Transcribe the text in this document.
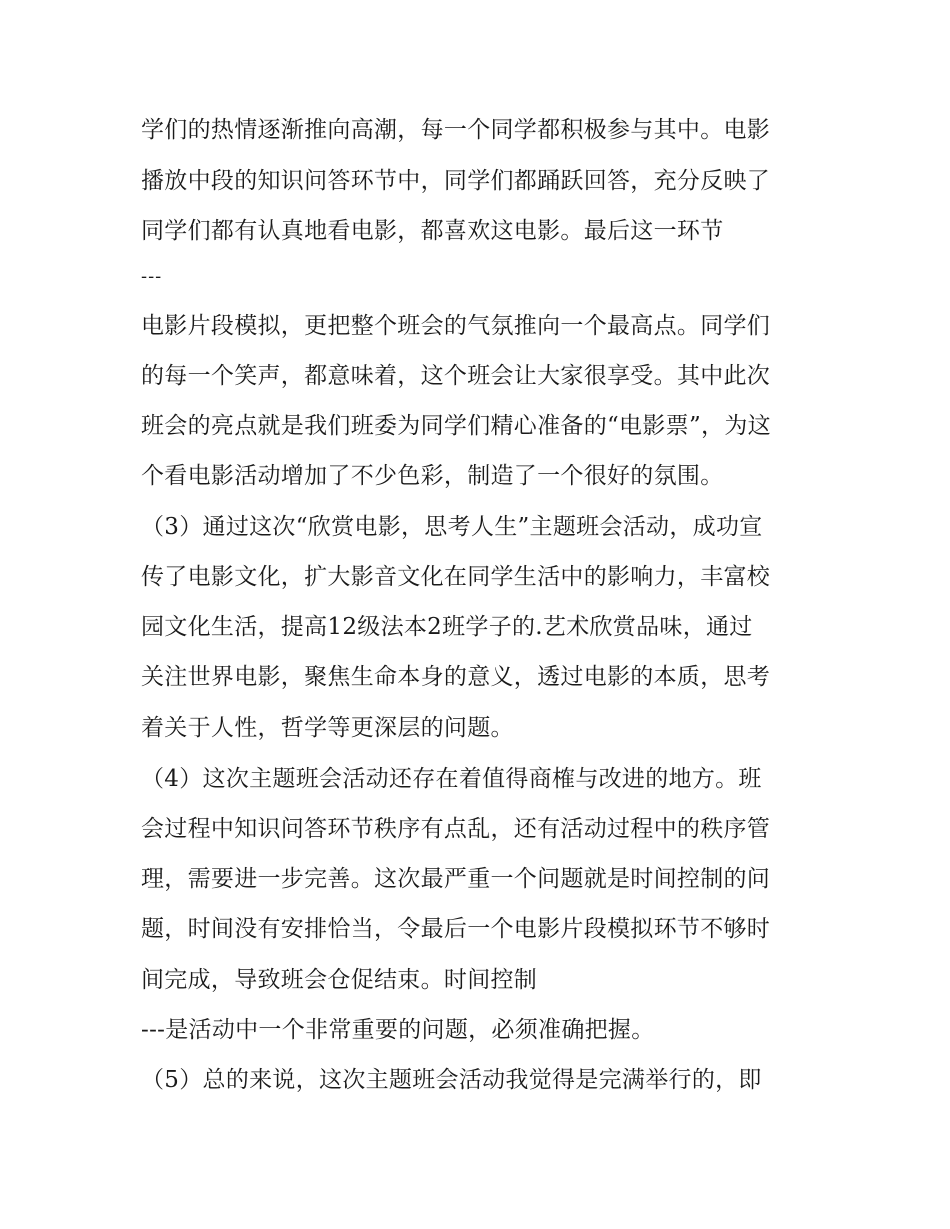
学们的热情逐渐推向高潮，每一个同学都积极参与其中。电影
播放中段的知识问答环节中，同学们都踊跃回答，充分反映了
同学们都有认真地看电影，都喜欢这电影。最后这一环节
---
电影片段模拟，更把整个班会的气氛推向一个最高点。同学们
的每一个笑声，都意味着，这个班会让大家很享受。其中此次
班会的亮点就是我们班委为同学们精心准备的“电影票”，为这
个看电影活动增加了不少色彩，制造了一个很好的氛围。
（3）通过这次“欣赏电影，思考人生”主题班会活动，成功宣
传了电影文化，扩大影音文化在同学生活中的影响力，丰富校
园文化生活，提高12级法本2班学子的.艺术欣赏品味，通过
关注世界电影，聚焦生命本身的意义，透过电影的本质，思考
着关于人性，哲学等更深层的问题。
（4）这次主题班会活动还存在着值得商榷与改进的地方。班
会过程中知识问答环节秩序有点乱，还有活动过程中的秩序管
理，需要进一步完善。这次最严重一个问题就是时间控制的问
题，时间没有安排恰当，令最后一个电影片段模拟环节不够时
间完成，导致班会仓促结束。时间控制
---是活动中一个非常重要的问题，必须准确把握。
（5）总的来说，这次主题班会活动我觉得是完满举行的，即
